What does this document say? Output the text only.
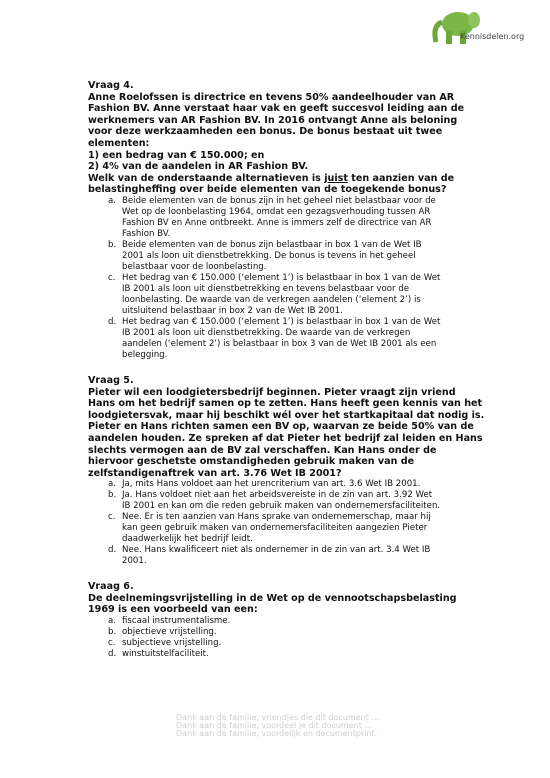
Kennisdelen.org

Vraag 4.

Anne Roelofssen is directrice en tevens 50% aandeelhouder van AR
Fashion BV. Anne verstaat haar vak en geeft succesvol leiding aan de
werknemers van AR Fashion BV. In 2016 ontvangt Anne als beloning
voor deze werkzaamheden een bonus. De bonus bestaat uit twee
elementen:
1) een bedrag van € 150.000; en
2) 4% van de aandelen in AR Fashion BV.
Welk van de onderstaande alternatieven is juist ten aanzien van de
belastingheffing over beide elementen van de toegekende bonus?

a. Beide elementen van de bonus zijn in het geheel niet belastbaar voor de
Wet op de loonbelasting 1964, omdat een gezagsverhouding tussen AR
Fashion BV en Anne ontbreekt. Anne is immers zelf de directrice van AR
Fashion BV.
b. Beide elementen van de bonus zijn belastbaar in box 1 van de Wet IB
2001 als loon uit dienstbetrekking. De bonus is tevens in het geheel
belastbaar voor de loonbelasting.
c. Het bedrag van € 150.000 (‘element 1’) is belastbaar in box 1 van de Wet
IB 2001 als loon uit dienstbetrekking en tevens belastbaar voor de
loonbelasting. De waarde van de verkregen aandelen (‘element 2’) is
uitsluitend belastbaar in box 2 van de Wet IB 2001.
d. Het bedrag van € 150.000 (‘element 1’) is belastbaar in box 1 van de Wet
IB 2001 als loon uit dienstbetrekking. De waarde van de verkregen
aandelen (‘element 2’) is belastbaar in box 3 van de Wet IB 2001 als een
belegging.

Vraag 5.

Pieter wil een loodgietersbedrijf beginnen. Pieter vraagt zijn vriend
Hans om het bedrijf samen op te zetten. Hans heeft geen kennis van het
loodgietersvak, maar hij beschikt wél over het startkapitaal dat nodig is.
Pieter en Hans richten samen een BV op, waarvan ze beide 50% van de
aandelen houden. Ze spreken af dat Pieter het bedrijf zal leiden en Hans
slechts vermogen aan de BV zal verschaffen. Kan Hans onder de
hiervoor geschetste omstandigheden gebruik maken van de
zelfstandigenaftrek van art. 3.76 Wet IB 2001?

a. Ja, mits Hans voldoet aan het urencriterium van art. 3.6 Wet IB 2001.
b. Ja. Hans voldoet niet aan het arbeidsvereiste in de zin van art. 3.92 Wet
IB 2001 en kan om die reden gebruik maken van ondernemersfaciliteiten.
c. Nee. Er is ten aanzien van Hans sprake van ondernemerschap, maar hij
kan geen gebruik maken van ondernemersfaciliteiten aangezien Pieter
daadwerkelijk het bedrijf leidt.
d. Nee. Hans kwalificeert niet als ondernemer in de zin van art. 3.4 Wet IB
2001.

Vraag 6.

De deelnemingsvrijstelling in de Wet op de vennootschapsbelasting
1969 is een voorbeeld van een:

a. fiscaal instrumentalisme.
b. objectieve vrijstelling.
c. subjectieve vrijstelling.
d. winstuitstelfaciliteit.
Dank aan de familie, vriendjes die dit document ...
Dank aan de familie, voordeel je dit document ...
Dank aan de familie, voordelijk en documentprint.
